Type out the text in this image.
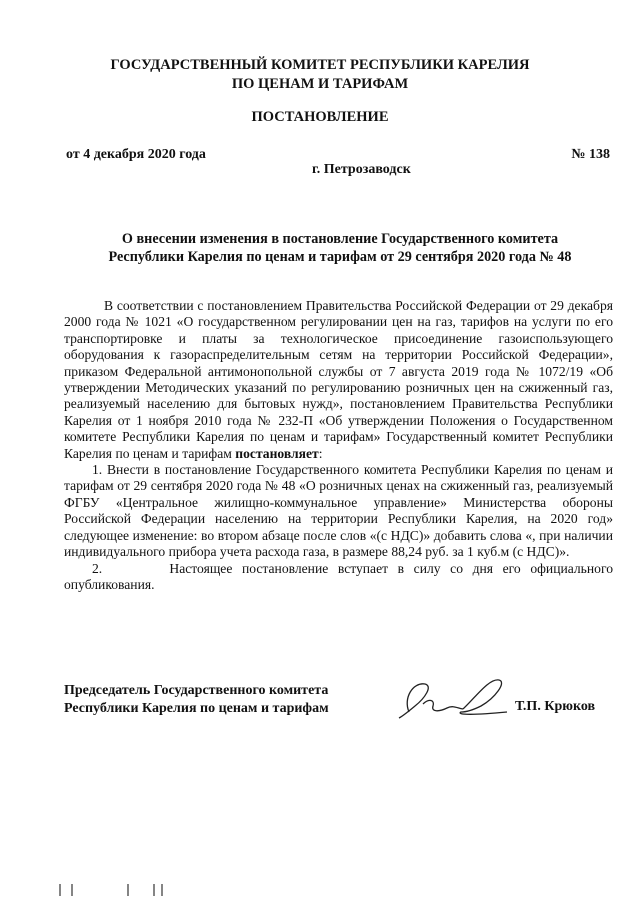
ГОСУДАРСТВЕННЫЙ КОМИТЕТ РЕСПУБЛИКИ КАРЕЛИЯ
ПО ЦЕНАМ И ТАРИФАМ
ПОСТАНОВЛЕНИЕ
от 4 декабря 2020 года	№ 138
г. Петрозаводск
О внесении изменения в постановление Государственного комитета
Республики Карелия по ценам и тарифам от 29 сентября 2020 года № 48

В соответствии с постановлением Правительства Российской Федерации от 29 декабря 2000 года № 1021 «О государственном регулировании цен на газ, тарифов на услуги по его транспортировке и платы за технологическое присоединение газоиспользующего оборудования к газораспределительным сетям на территории Российской Федерации», приказом Федеральной антимонопольной службы от 7 августа 2019 года № 1072/19 «Об утверждении Методических указаний по регулированию розничных цен на сжиженный газ, реализуемый населению для бытовых нужд», постановлением Правительства Республики Карелия от 1 ноября 2010 года № 232-П «Об утверждении Положения о Государственном комитете Республики Карелия по ценам и тарифам» Государственный комитет Республики Карелия по ценам и тарифам постановляет:

1. Внести в постановление Государственного комитета Республики Карелия по ценам и тарифам от 29 сентября 2020 года № 48 «О розничных ценах на сжиженный газ, реализуемый ФГБУ «Центральное жилищно-коммунальное управление» Министерства обороны Российской Федерации населению на территории Республики Карелия, на 2020 год» следующее изменение: во втором абзаце после слов «(с НДС)» добавить слова «, при наличии индивидуального прибора учета расхода газа, в размере 88,24 руб. за 1 куб.м (с НДС)».

2.       Настоящее постановление вступает в силу со дня его официального опубликования.

Председатель Государственного комитета
Республики Карелия по ценам и тарифам	Т.П. Крюков
